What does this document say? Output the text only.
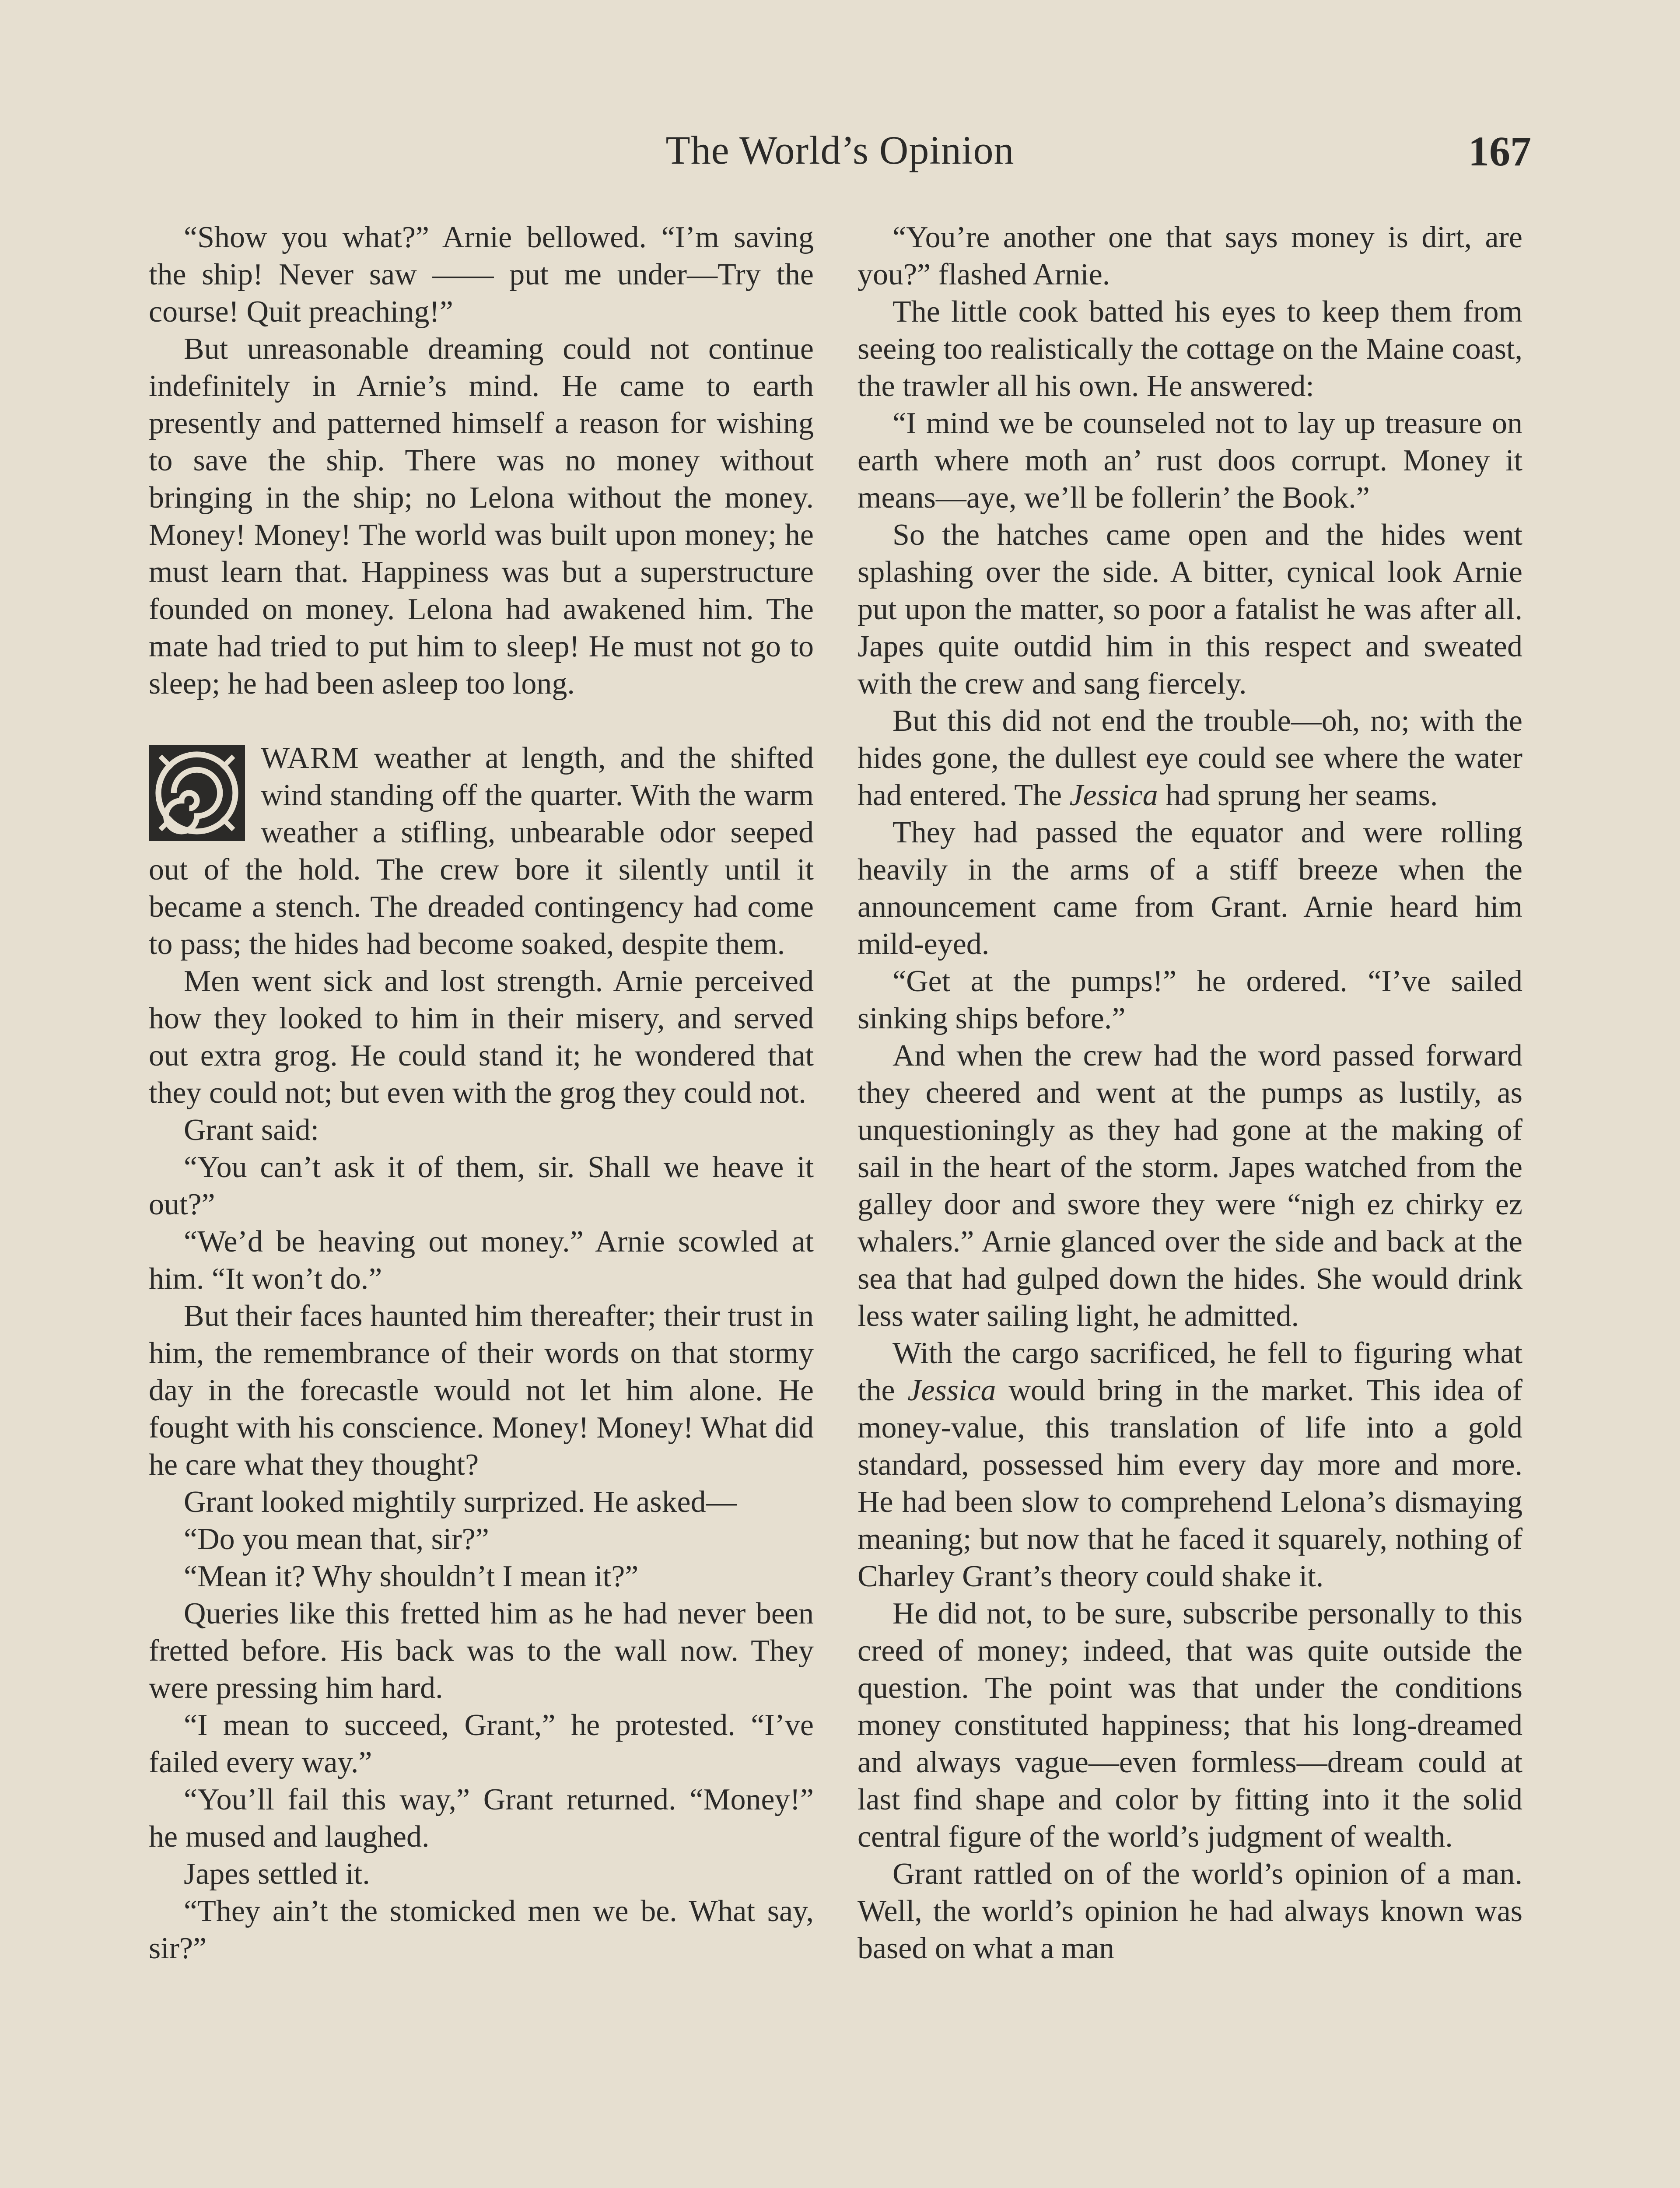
The World’s Opinion	167

“Show you what?” Arnie bellowed. “I’m saving the ship! Never saw —— put me under—Try the course! Quit preaching!”

But unreasonable dreaming could not continue indefinitely in Arnie’s mind. He came to earth presently and patterned himself a reason for wishing to save the ship. There was no money without bringing in the ship; no Lelona without the money. Money! Money! The world was built upon money; he must learn that. Happiness was but a superstructure founded on money. Lelona had awakened him. The mate had tried to put him to sleep! He must not go to sleep; he had been asleep too long.

WARM weather at length, and the shifted wind standing off the quarter. With the warm weather a stifling, unbearable odor seeped out of the hold. The crew bore it silently until it became a stench. The dreaded contingency had come to pass; the hides had become soaked, despite them.

Men went sick and lost strength. Arnie perceived how they looked to him in their misery, and served out extra grog. He could stand it; he wondered that they could not; but even with the grog they could not.

Grant said:

“You can’t ask it of them, sir. Shall we heave it out?”

“We’d be heaving out money.” Arnie scowled at him. “It won’t do.”

But their faces haunted him thereafter; their trust in him, the remembrance of their words on that stormy day in the forecastle would not let him alone. He fought with his conscience. Money! Money! What did he care what they thought?

Grant looked mightily surprized. He asked—

“Do you mean that, sir?”

“Mean it? Why shouldn’t I mean it?”

Queries like this fretted him as he had never been fretted before. His back was to the wall now. They were pressing him hard.

“I mean to succeed, Grant,” he protested. “I’ve failed every way.”

“You’ll fail this way,” Grant returned. “Money!” he mused and laughed.

Japes settled it.

“They ain’t the stomicked men we be. What say, sir?”

“You’re another one that says money is dirt, are you?” flashed Arnie.

The little cook batted his eyes to keep them from seeing too realistically the cottage on the Maine coast, the trawler all his own. He answered:

“I mind we be counseled not to lay up treasure on earth where moth an’ rust doos corrupt. Money it means—aye, we’ll be follerin’ the Book.”

So the hatches came open and the hides went splashing over the side. A bitter, cynical look Arnie put upon the matter, so poor a fatalist he was after all. Japes quite outdid him in this respect and sweated with the crew and sang fiercely.

But this did not end the trouble—oh, no; with the hides gone, the dullest eye could see where the water had entered. The Jessica had sprung her seams.

They had passed the equator and were rolling heavily in the arms of a stiff breeze when the announcement came from Grant. Arnie heard him mild-eyed.

“Get at the pumps!” he ordered. “I’ve sailed sinking ships before.”

And when the crew had the word passed forward they cheered and went at the pumps as lustily, as unquestioningly as they had gone at the making of sail in the heart of the storm. Japes watched from the galley door and swore they were “nigh ez chirky ez whalers.” Arnie glanced over the side and back at the sea that had gulped down the hides. She would drink less water sailing light, he admitted.

With the cargo sacrificed, he fell to figuring what the Jessica would bring in the market. This idea of money-value, this translation of life into a gold standard, possessed him every day more and more. He had been slow to comprehend Lelona’s dismaying meaning; but now that he faced it squarely, nothing of Charley Grant’s theory could shake it.

He did not, to be sure, subscribe personally to this creed of money; indeed, that was quite outside the question. The point was that under the conditions money constituted happiness; that his long-dreamed and always vague—even formless—dream could at last find shape and color by fitting into it the solid central figure of the world’s judgment of wealth.

Grant rattled on of the world’s opinion of a man. Well, the world’s opinion he had always known was based on what a man
